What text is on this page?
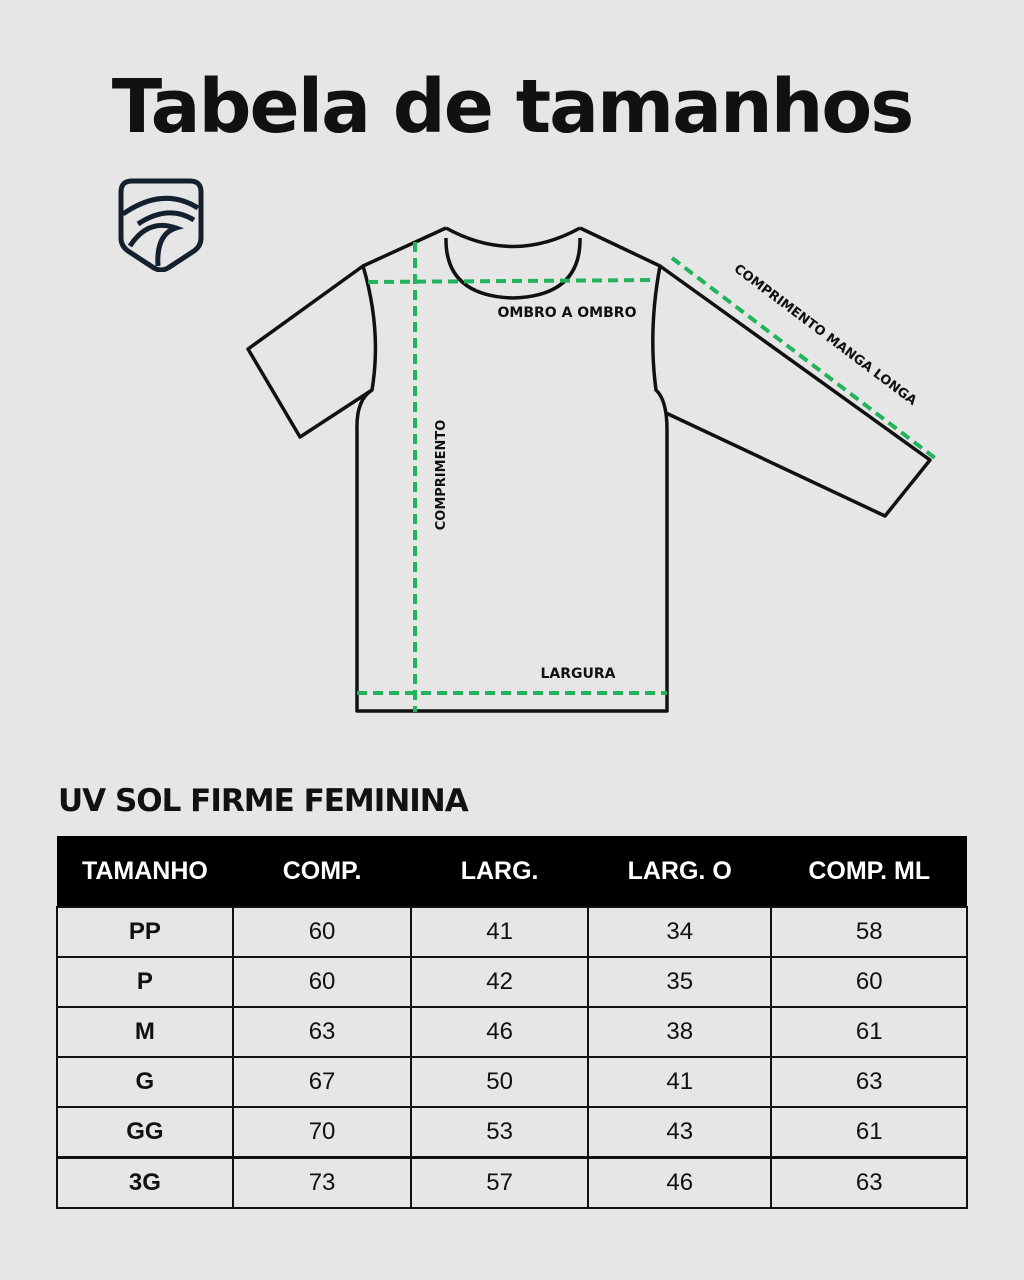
Tabela de tamanhos
OMBRO A OMBRO
LARGURA
COMPRIMENTO
COMPRIMENTO MANGA LONGA
UV SOL FIRME FEMININA
TAMANHO	COMP.	LARG.	LARG. O	COMP. ML
PP	60	41	34	58
P	60	42	35	60
M	63	46	38	61
G	67	50	41	63
GG	70	53	43	61
3G	73	57	46	63
